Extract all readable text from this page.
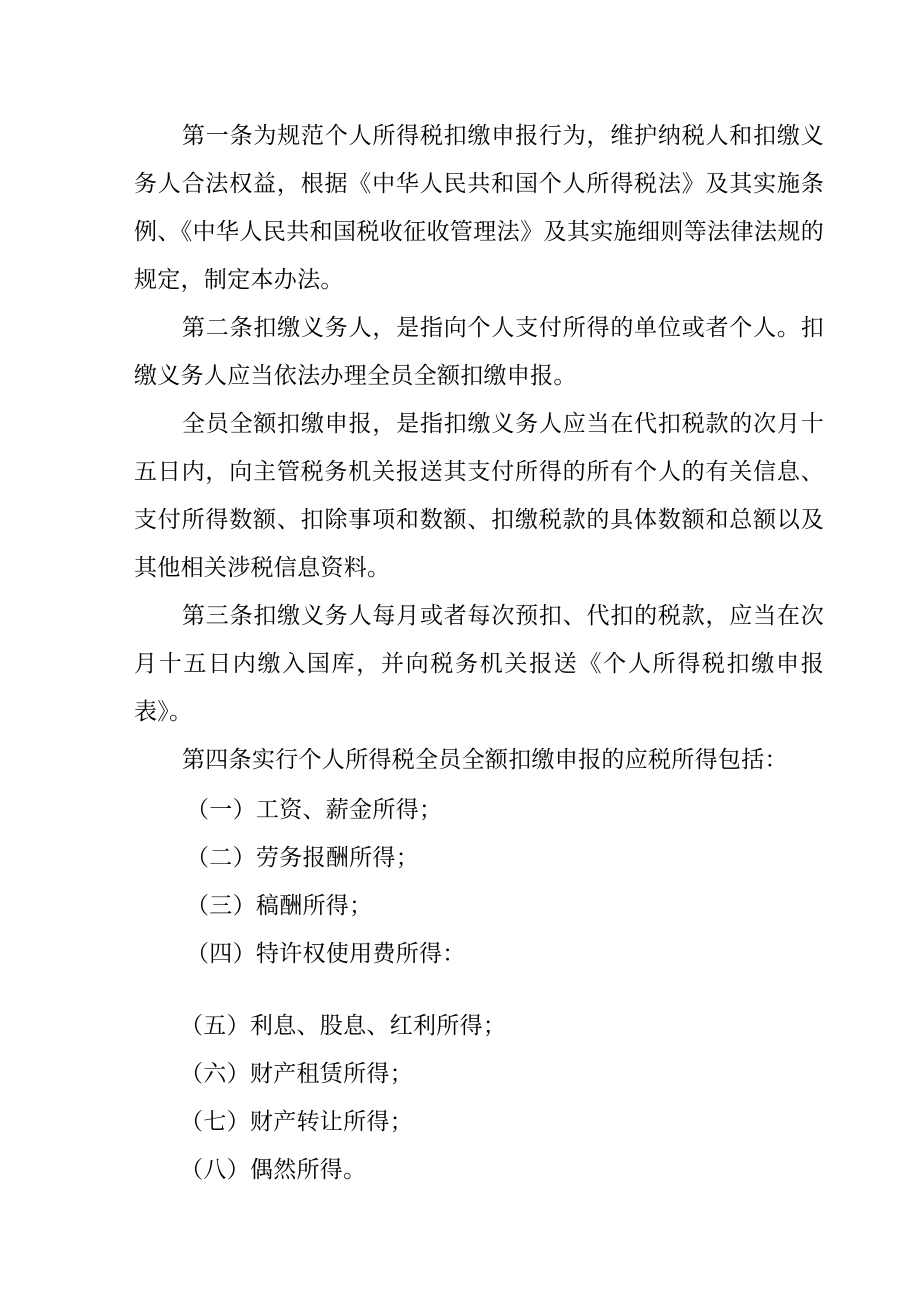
第一条为规范个人所得税扣缴申报行为，维护纳税人和扣缴义务人合法权益，根据《中华人民共和国个人所得税法》及其实施条例、《中华人民共和国税收征收管理法》及其实施细则等法律法规的规定，制定本办法。

第二条扣缴义务人，是指向个人支付所得的单位或者个人。扣缴义务人应当依法办理全员全额扣缴申报。

全员全额扣缴申报，是指扣缴义务人应当在代扣税款的次月十五日内，向主管税务机关报送其支付所得的所有个人的有关信息、支付所得数额、扣除事项和数额、扣缴税款的具体数额和总额以及其他相关涉税信息资料。

第三条扣缴义务人每月或者每次预扣、代扣的税款，应当在次月十五日内缴入国库，并向税务机关报送《个人所得税扣缴申报表》。

第四条实行个人所得税全员全额扣缴申报的应税所得包括：

（一）工资、薪金所得；
（二）劳务报酬所得；
（三）稿酬所得；
（四）特许权使用费所得：
（五）利息、股息、红利所得；
（六）财产租赁所得；
（七）财产转让所得；
（八）偶然所得。
